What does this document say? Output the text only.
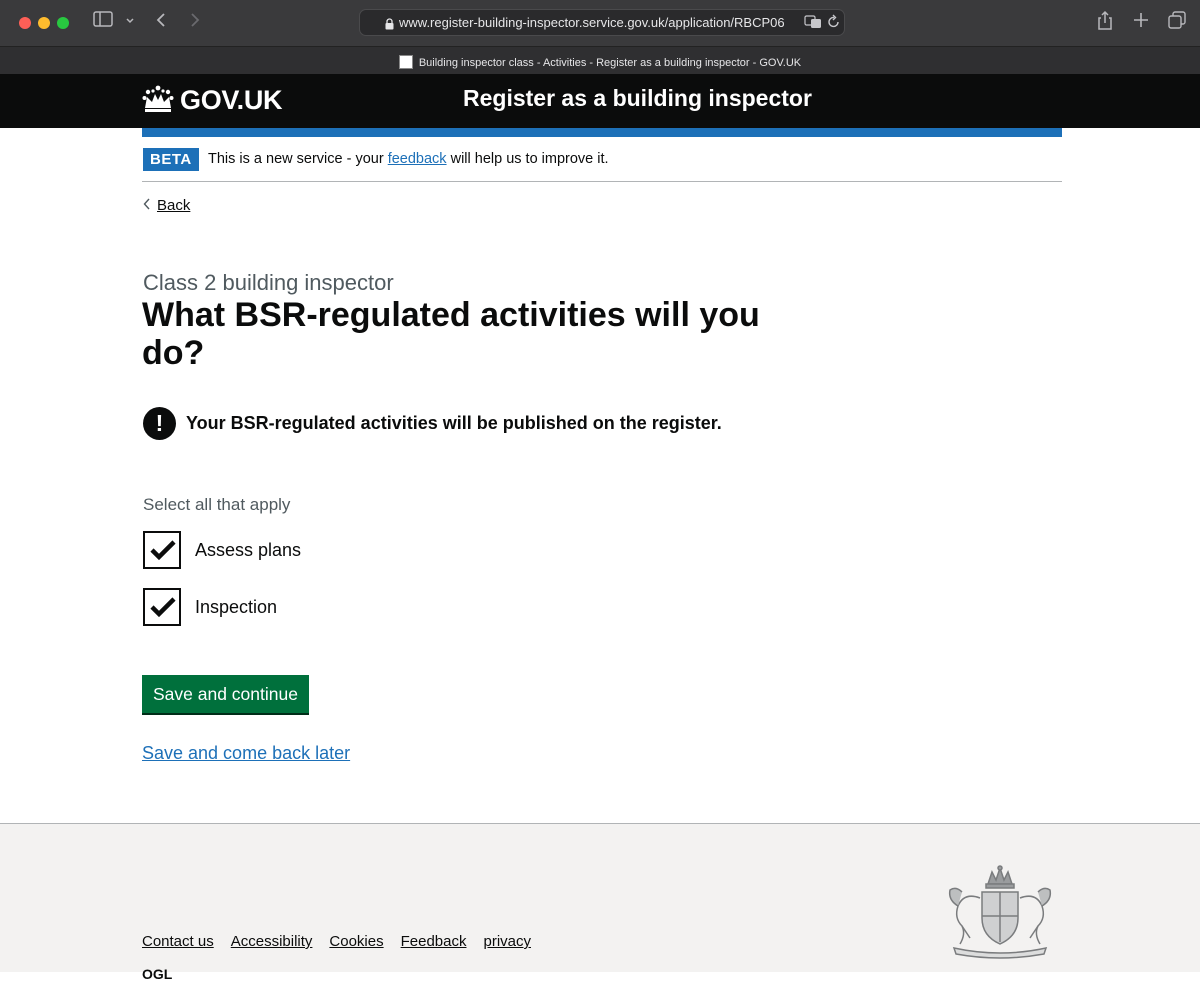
www.register-building-inspector.service.gov.uk/application/RBCP06
Building inspector class - Activities - Register as a building inspector - GOV.UK
GOV.UK	Register as a building inspector
BETA	This is a new service - your feedback will help us to improve it.
Back
Class 2 building inspector
What BSR-regulated activities will you do?
!	Your BSR-regulated activities will be published on the register.
Select all that apply
Assess plans
Inspection
Save and continue
Save and come back later
Contact us Accessibility Cookies Feedback privacy
OGL
